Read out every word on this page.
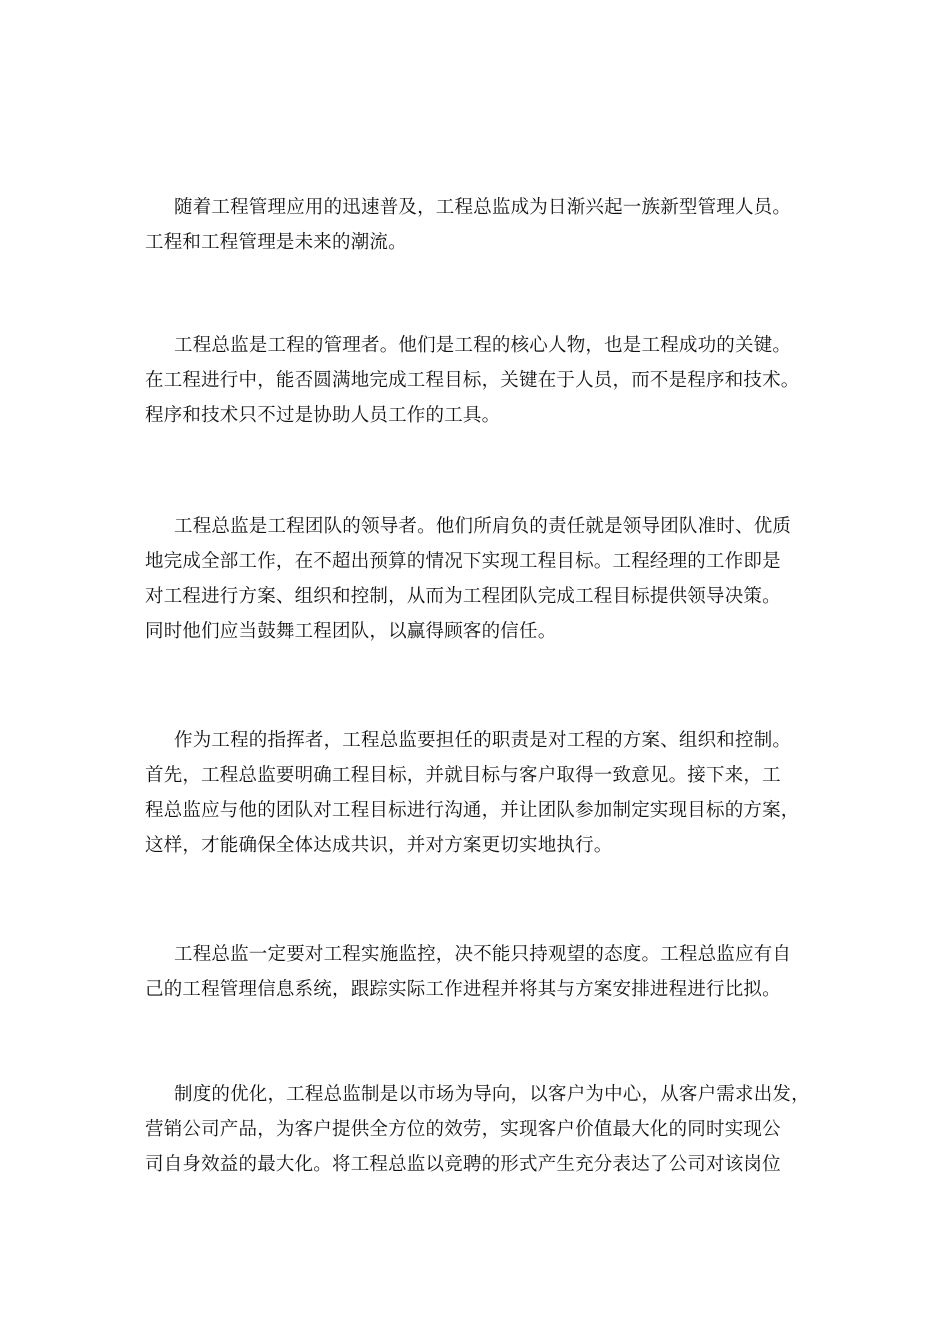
随着工程管理应用的迅速普及，工程总监成为日渐兴起一族新型管理人员。
工程和工程管理是未来的潮流。

工程总监是工程的管理者。他们是工程的核心人物，也是工程成功的关键。
在工程进行中，能否圆满地完成工程目标，关键在于人员，而不是程序和技术。
程序和技术只不过是协助人员工作的工具。

工程总监是工程团队的领导者。他们所肩负的责任就是领导团队准时、优质
地完成全部工作，在不超出预算的情况下实现工程目标。工程经理的工作即是
对工程进行方案、组织和控制，从而为工程团队完成工程目标提供领导决策。
同时他们应当鼓舞工程团队，以赢得顾客的信任。

作为工程的指挥者，工程总监要担任的职责是对工程的方案、组织和控制。
首先，工程总监要明确工程目标，并就目标与客户取得一致意见。接下来，工
程总监应与他的团队对工程目标进行沟通，并让团队参加制定实现目标的方案，
这样，才能确保全体达成共识，并对方案更切实地执行。

工程总监一定要对工程实施监控，决不能只持观望的态度。工程总监应有自
己的工程管理信息系统，跟踪实际工作进程并将其与方案安排进程进行比拟。

制度的优化，工程总监制是以市场为导向，以客户为中心，从客户需求出发，
营销公司产品，为客户提供全方位的效劳，实现客户价值最大化的同时实现公
司自身效益的最大化。将工程总监以竞聘的形式产生充分表达了公司对该岗位
